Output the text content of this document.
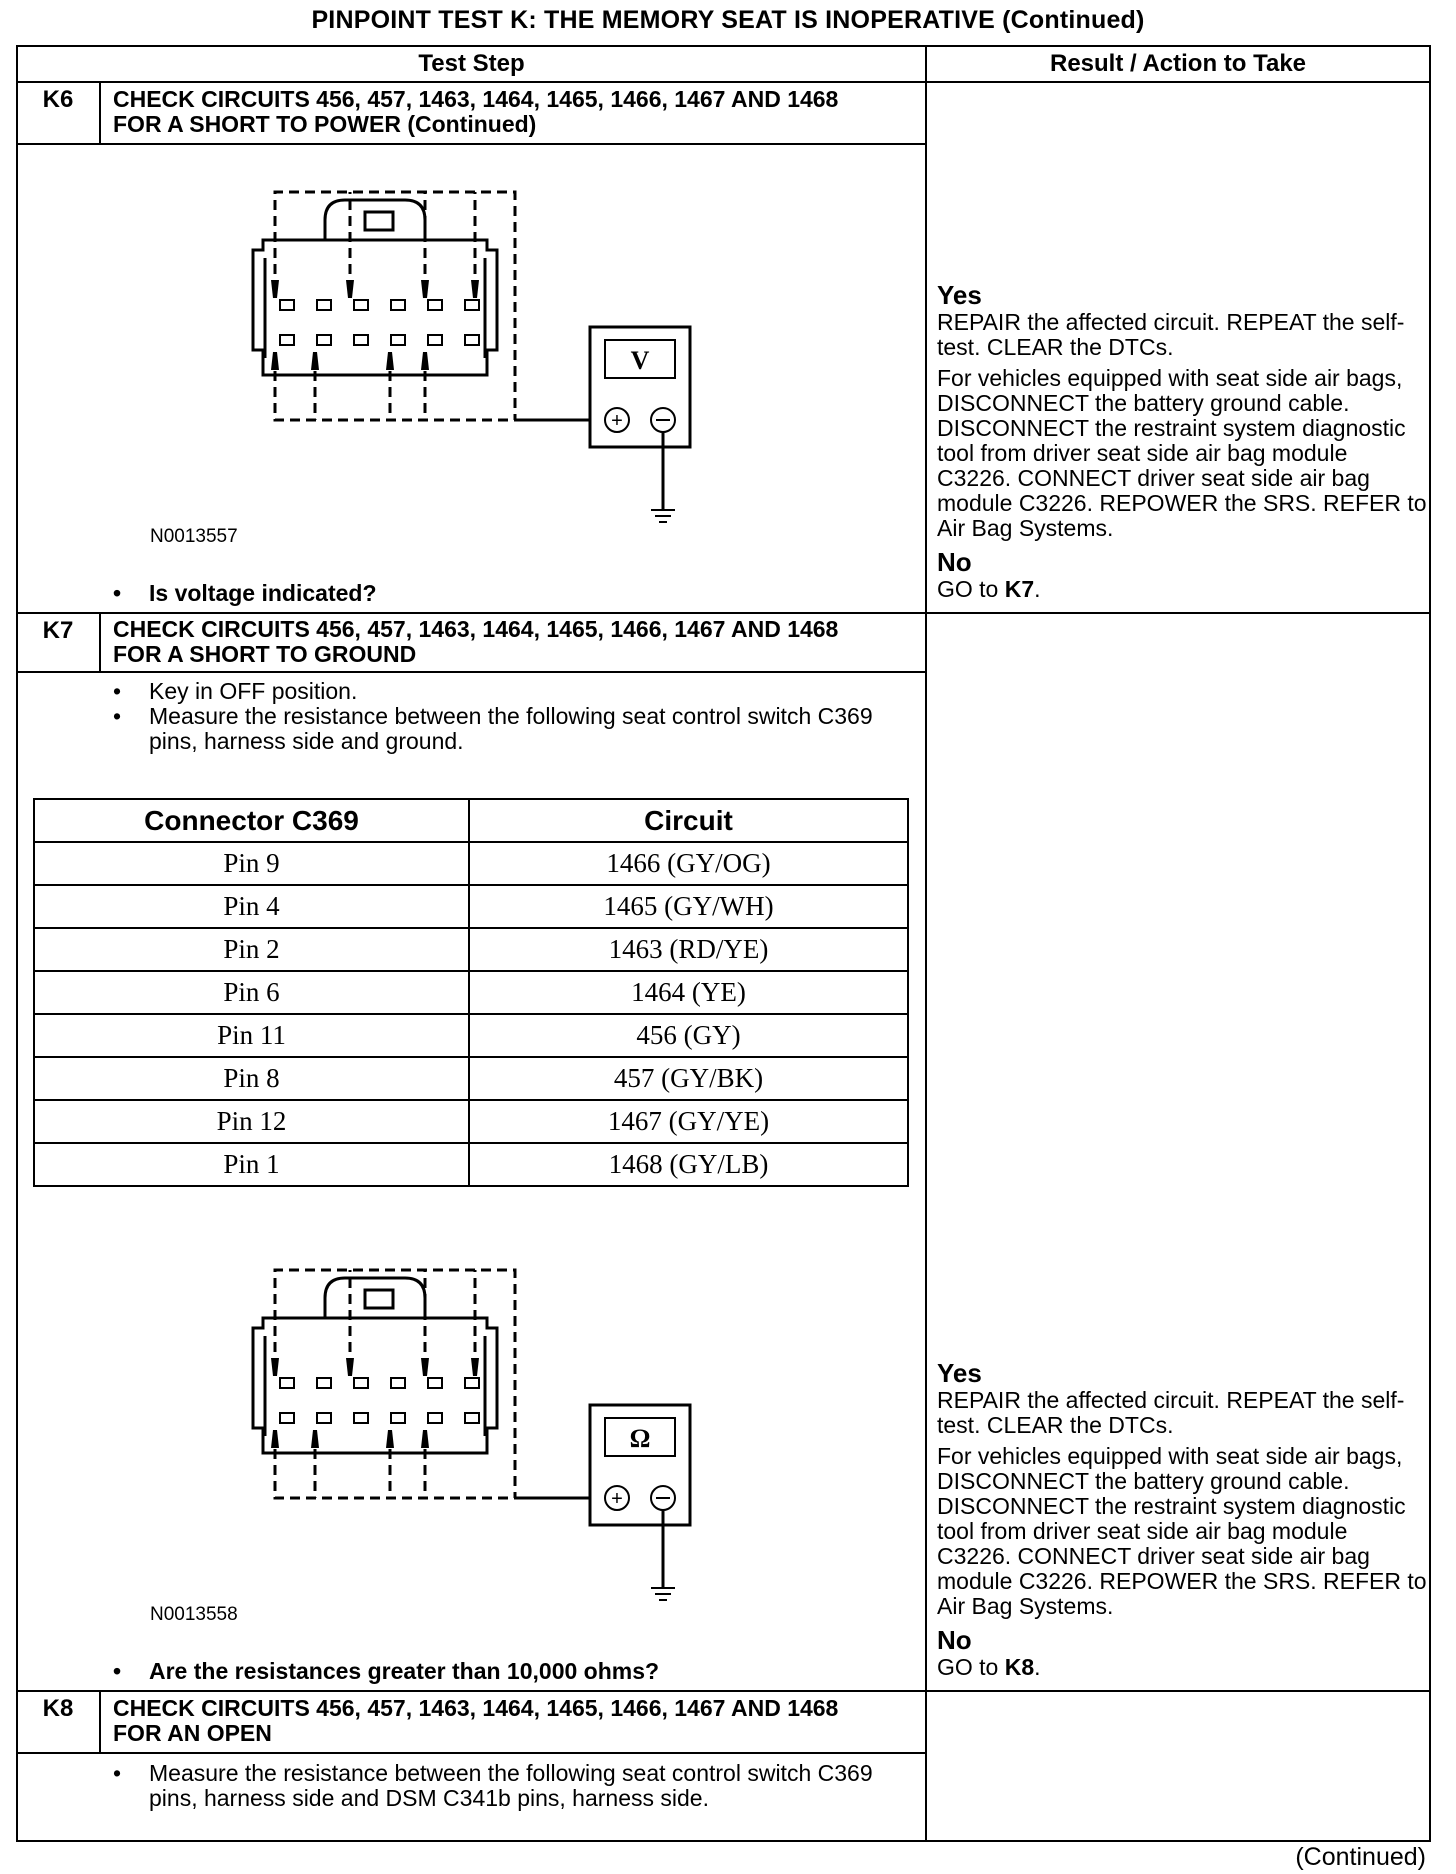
PINPOINT TEST K: THE MEMORY SEAT IS INOPERATIVE (Continued)
Test Step	Result / Action to Take
K6	CHECK CIRCUITS 456, 457, 1463, 1464, 1465, 1466, 1467 AND 1468 FOR A SHORT TO POWER (Continued)
V
+
N0013557
• Is voltage indicated?
Yes
REPAIR the affected circuit. REPEAT the self-test. CLEAR the DTCs.
For vehicles equipped with seat side air bags, DISCONNECT the battery ground cable. DISCONNECT the restraint system diagnostic tool from driver seat side air bag module C3226. CONNECT driver seat side air bag module C3226. REPOWER the SRS. REFER to Air Bag Systems.
No
GO to K7.
K7	CHECK CIRCUITS 456, 457, 1463, 1464, 1465, 1466, 1467 AND 1468 FOR A SHORT TO GROUND
• Key in OFF position.
• Measure the resistance between the following seat control switch C369 pins, harness side and ground.
Connector C369	Circuit
Pin 9	1466 (GY/OG)
Pin 4	1465 (GY/WH)
Pin 2	1463 (RD/YE)
Pin 6	1464 (YE)
Pin 11	456 (GY)
Pin 8	457 (GY/BK)
Pin 12	1467 (GY/YE)
Pin 1	1468 (GY/LB)
Ω
+
N0013558
• Are the resistances greater than 10,000 ohms?
Yes
REPAIR the affected circuit. REPEAT the self-test. CLEAR the DTCs.
For vehicles equipped with seat side air bags, DISCONNECT the battery ground cable. DISCONNECT the restraint system diagnostic tool from driver seat side air bag module C3226. CONNECT driver seat side air bag module C3226. REPOWER the SRS. REFER to Air Bag Systems.
No
GO to K8.
K8	CHECK CIRCUITS 456, 457, 1463, 1464, 1465, 1466, 1467 AND 1468 FOR AN OPEN
• Measure the resistance between the following seat control switch C369 pins, harness side and DSM C341b pins, harness side.
(Continued)
